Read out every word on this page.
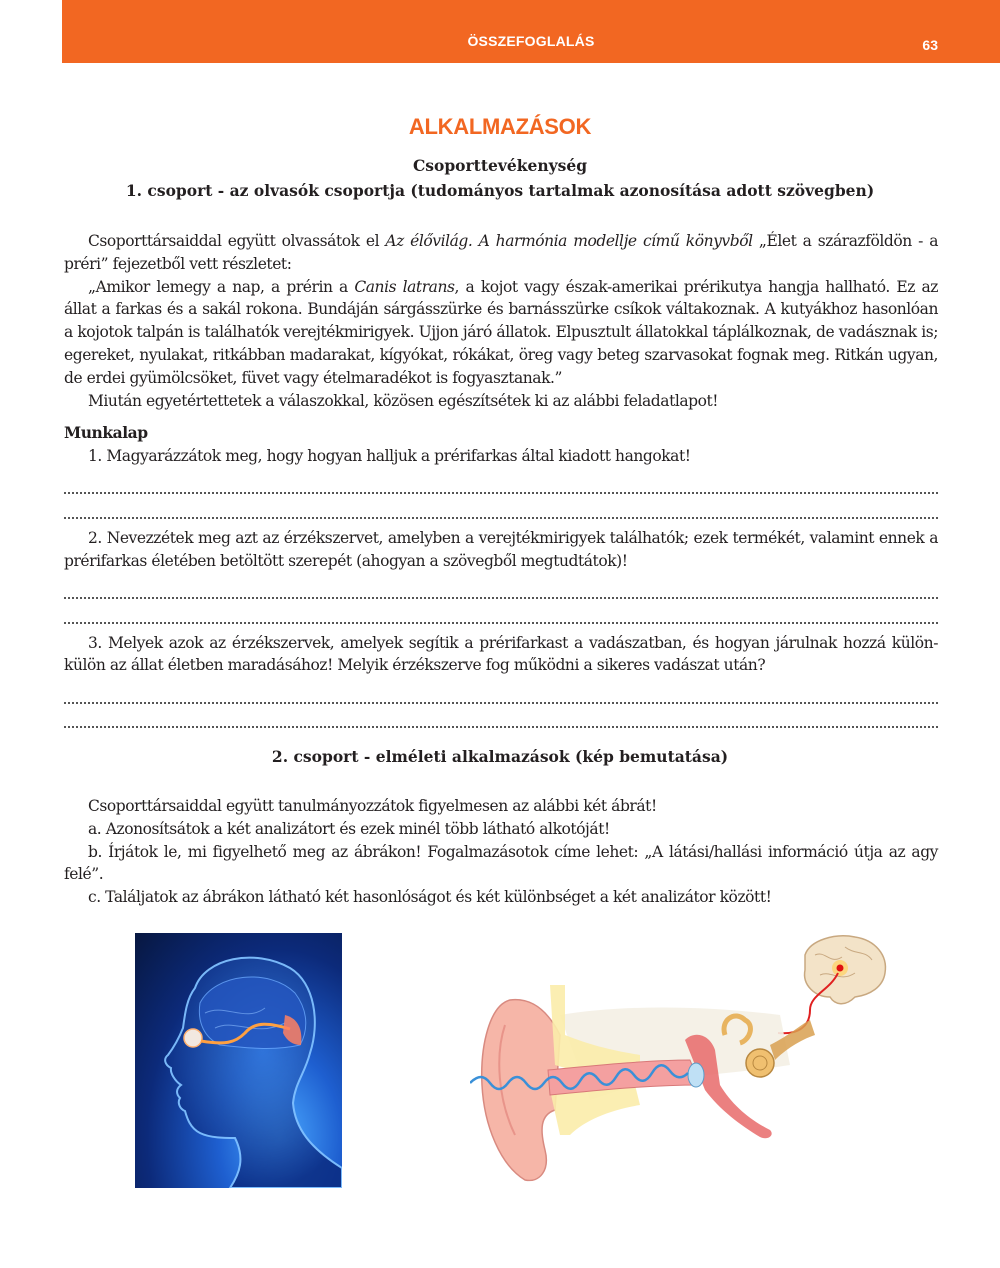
ÖSSZEFOGLALÁS	63
ALKALMAZÁSOK
Csoporttevékenység
1. csoport - az olvasók csoportja (tudományos tartalmak azonosítása adott szövegben)

Csoporttársaiddal együtt olvassátok el Az élővilág. A harmónia modellje című könyvből „Élet a szárazföldön - a préri” fejezetből vett részletet:

„Amikor lemegy a nap, a prérin a Canis latrans, a kojot vagy észak-amerikai prérikutya hangja hallható. Ez az állat a farkas és a sakál rokona. Bundáján sárgásszürke és barnásszürke csíkok váltakoznak. A kutyákhoz hasonlóan a kojotok talpán is találhatók verejtékmirigyek. Ujjon járó állatok. Elpusztult állatokkal táplálkoznak, de vadásznak is; egereket, nyulakat, ritkábban madarakat, kígyókat, rókákat, öreg vagy beteg szarvasokat fognak meg. Ritkán ugyan, de erdei gyümölcsöket, füvet vagy ételmaradékot is fogyasztanak.”

Miután egyetértettetek a válaszokkal, közösen egészítsétek ki az alábbi feladatlapot!

Munkalap

1. Magyarázzátok meg, hogy hogyan halljuk a prérifarkas által kiadott hangokat!

2. Nevezzétek meg azt az érzékszervet, amelyben a verejtékmirigyek találhatók; ezek termékét, valamint ennek a prérifarkas életében betöltött szerepét (ahogyan a szövegből megtudtátok)!

3. Melyek azok az érzékszervek, amelyek segítik a prérifarkast a vadászatban, és hogyan járulnak hozzá külön-külön az állat életben maradásához! Melyik érzékszerve fog működni a sikeres vadászat után?

2. csoport - elméleti alkalmazások (kép bemutatása)

Csoporttársaiddal együtt tanulmányozzátok figyelmesen az alábbi két ábrát!

a. Azonosítsátok a két analizátort és ezek minél több látható alkotóját!

b. Írjátok le, mi figyelhető meg az ábrákon! Fogalmazásotok címe lehet: „A látási/hallási információ útja az agy felé”.

c. Találjatok az ábrákon látható két hasonlóságot és két különbséget a két analizátor között!
